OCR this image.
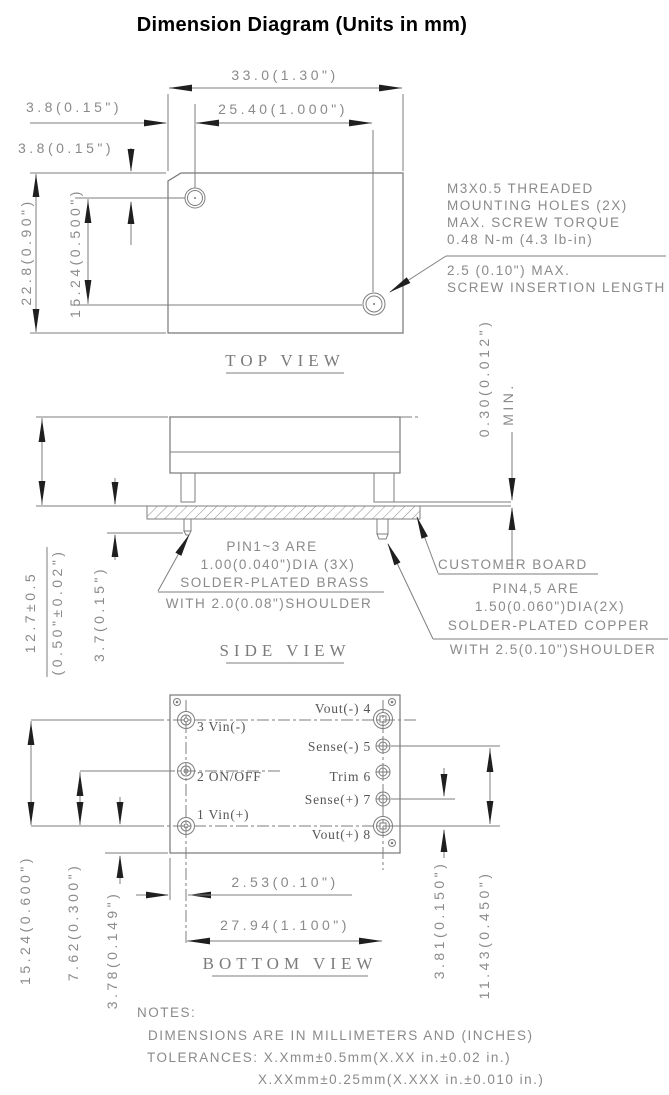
Dimension Diagram (Units in mm)
33.0(1.30")
25.40(1.000")
3.8(0.15")
3.8(0.15")
22.8(0.90") 15.24(0.500")	M3X0.5 THREADED
MOUNTING HOLES (2X)
MAX. SCREW TORQUE
0.48 N-m (4.3 lb-in)
2.5 (0.10") MAX.
SCREW INSERTION LENGTH
TOP VIEW	0.30(0.012") MIN.
12.7±0.5 (0.50"±0.02") 3.7(0.15")
PIN1~3 ARE
1.00(0.040")DIA (3X)
SOLDER-PLATED BRASS
WITH 2.0(0.08")SHOULDER
CUSTOMER BOARD
PIN4,5 ARE
1.50(0.060")DIA(2X)
SOLDER-PLATED COPPER
WITH 2.5(0.10")SHOULDER
SIDE VIEW
3 Vin(-)
2 ON/OFF
1 Vin(+)
Vout(-) 4
Sense(-) 5
Trim 6
Sense(+) 7
Vout(+) 8
15.24(0.600") 7.62(0.300") 3.78(0.149")	3.81(0.150") 11.43(0.450")
2.53(0.10")
27.94(1.100")
BOTTOM VIEW
NOTES:
DIMENSIONS ARE IN MILLIMETERS AND (INCHES)
TOLERANCES: X.Xmm±0.5mm(X.XX in.±0.02 in.)
X.XXmm±0.25mm(X.XXX in.±0.010 in.)
